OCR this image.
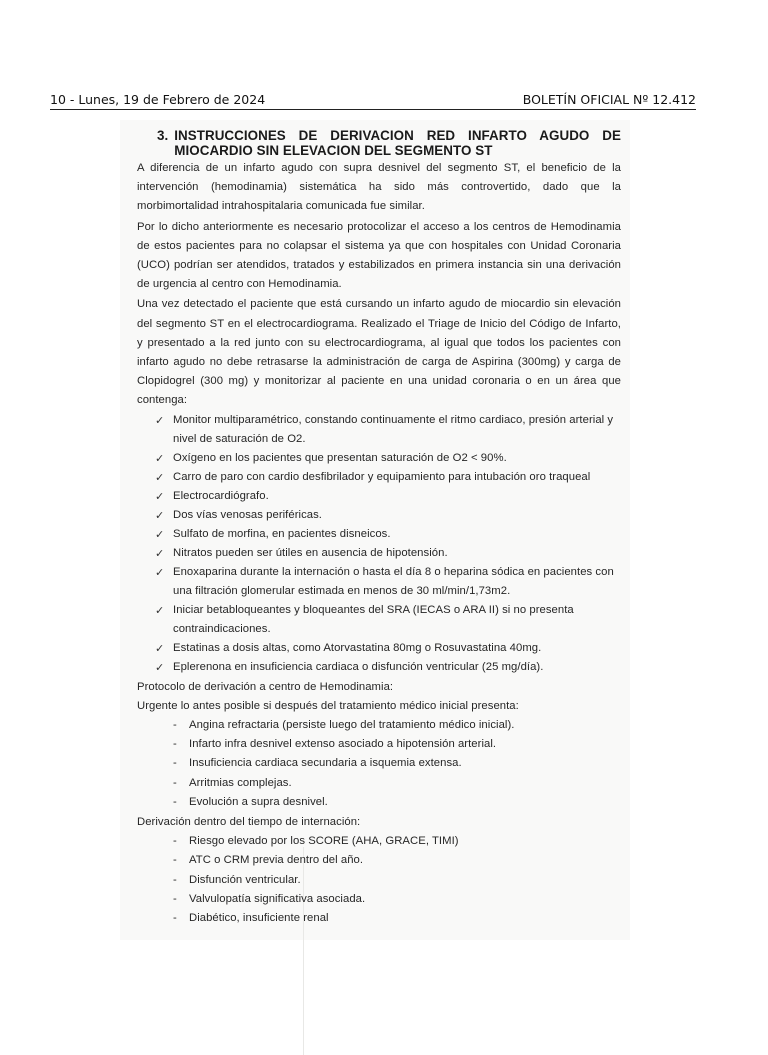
10 - Lunes, 19 de Febrero de 2024	BOLETÍN OFICIAL Nº 12.412
3. INSTRUCCIONES DE DERIVACION RED INFARTO AGUDO DE MIOCARDIO SIN ELEVACION DEL SEGMENTO ST

A diferencia de un infarto agudo con supra desnivel del segmento ST, el beneficio de la intervención (hemodinamia) sistemática ha sido más controvertido, dado que la morbimortalidad intrahospitalaria comunicada fue similar.

Por lo dicho anteriormente es necesario protocolizar el acceso a los centros de Hemodinamia de estos pacientes para no colapsar el sistema ya que con hospitales con Unidad Coronaria (UCO) podrían ser atendidos, tratados y estabilizados en primera instancia sin una derivación de urgencia al centro con Hemodinamia.

Una vez detectado el paciente que está cursando un infarto agudo de miocardio sin elevación del segmento ST en el electrocardiograma. Realizado el Triage de Inicio del Código de Infarto, y presentado a la red junto con su electrocardiograma, al igual que todos los pacientes con infarto agudo no debe retrasarse la administración de carga de Aspirina (300mg) y carga de Clopidogrel (300 mg) y monitorizar al paciente en una unidad coronaria o en un área que contenga:

✓ Monitor multiparamétrico, constando continuamente el ritmo cardiaco, presión arterial y nivel de saturación de O2.
✓ Oxígeno en los pacientes que presentan saturación de O2 < 90%.
✓ Carro de paro con cardio desfibrilador y equipamiento para intubación oro traqueal
✓ Electrocardiógrafo.
✓ Dos vías venosas periféricas.
✓ Sulfato de morfina, en pacientes disneicos.
✓ Nitratos pueden ser útiles en ausencia de hipotensión.
✓ Enoxaparina durante la internación o hasta el día 8 o heparina sódica en pacientes con una filtración glomerular estimada en menos de 30 ml/min/1,73m2.
✓ Iniciar betabloqueantes y bloqueantes del SRA (IECAS o ARA II) si no presenta contraindicaciones.
✓ Estatinas a dosis altas, como Atorvastatina 80mg o Rosuvastatina 40mg.
✓ Eplerenona en insuficiencia cardiaca o disfunción ventricular (25 mg/día).

Protocolo de derivación a centro de Hemodinamia:

Urgente lo antes posible si después del tratamiento médico inicial presenta:

- Angina refractaria (persiste luego del tratamiento médico inicial).
- Infarto infra desnivel extenso asociado a hipotensión arterial.
- Insuficiencia cardiaca secundaria a isquemia extensa.
- Arritmias complejas.
- Evolución a supra desnivel.

Derivación dentro del tiempo de internación:

- Riesgo elevado por los SCORE (AHA, GRACE, TIMI)
- ATC o CRM previa dentro del año.
- Disfunción ventricular.
- Valvulopatía significativa asociada.
- Diabético, insuficiente renal
